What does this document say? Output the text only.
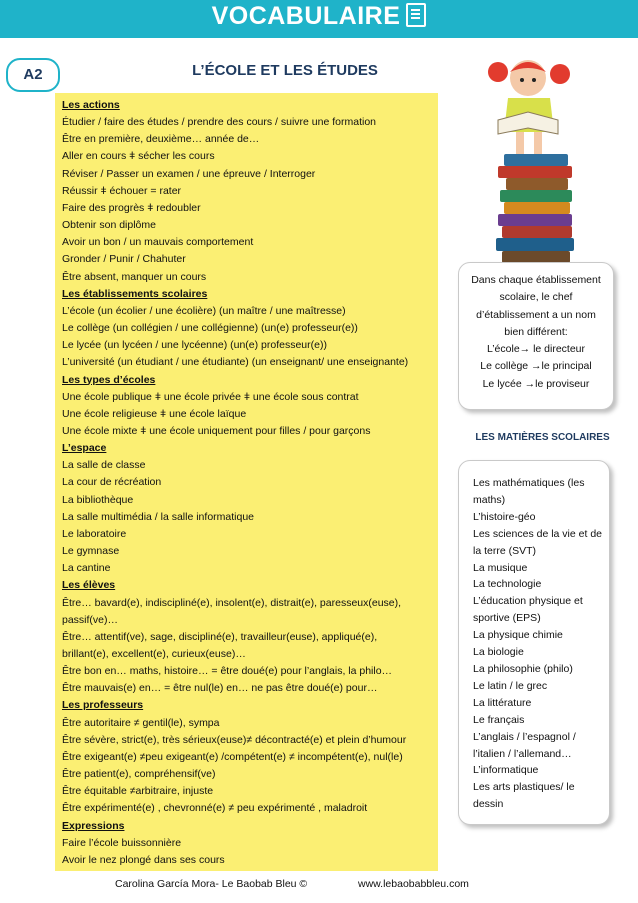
VOCABULAIRE
A2	L’ÉCOLE ET LES ÉTUDES
Les actions
Étudier / faire des études / prendre des cours / suivre une formation
Être en première, deuxième… année de…
Aller en cours ǂ sécher les cours
Réviser / Passer un examen / une épreuve / Interroger
Réussir ǂ échouer = rater
Faire des progrès ǂ redoubler
Obtenir son diplôme
Avoir un bon / un mauvais comportement
Gronder / Punir / Chahuter
Être absent, manquer un cours
Les établissements scolaires
L’école (un écolier / une écolière) (un maître / une maîtresse)
Le collège (un collégien / une collégienne) (un(e) professeur(e))
Le lycée (un lycéen / une lycéenne) (un(e) professeur(e))
L’université (un étudiant / une étudiante) (un enseignant/ une enseignante)
Les types d’écoles
Une école publique ǂ une école privée ǂ une école sous contrat
Une école religieuse ǂ une école laïque
Une école mixte ǂ une école uniquement pour filles / pour garçons
L’espace
La salle de classe
La cour de récréation
La bibliothèque
La salle multimédia / la salle informatique
Le laboratoire
Le gymnase
La cantine
Les élèves
Être… bavard(e), indiscipliné(e), insolent(e), distrait(e), paresseux(euse),
passif(ve)…
Être… attentif(ve), sage, discipliné(e), travailleur(euse), appliqué(e),
brillant(e), excellent(e), curieux(euse)…
Être bon en… maths, histoire… = être doué(e) pour l’anglais, la philo…
Être mauvais(e) en… = être nul(le) en… ne pas être doué(e) pour…
Les professeurs
Être autoritaire ≠ gentil(le), sympa
Être sévère, strict(e), très sérieux(euse)≠ décontracté(e) et plein d’humour
Être exigeant(e) ≠peu exigeant(e) /compétent(e) ≠ incompétent(e), nul(le)
Être patient(e), compréhensif(ve)
Être équitable ≠arbitraire, injuste
Être expérimenté(e) , chevronné(e) ≠ peu expérimenté , maladroit
Expressions
Faire l’école buissonnière
Avoir le nez plongé dans ses cours
Dans chaque établissement
scolaire, le chef
d’établissement a un nom
bien différent:
L’école→ le directeur
Le collège →le principal
Le lycée →le proviseur
LES MATIÈRES SCOLAIRES
Les mathématiques (les
maths)
L’histoire-géo
Les sciences de la vie et de
la terre (SVT)
La musique
La technologie
L’éducation physique et
sportive (EPS)
La physique chimie
La biologie
La philosophie (philo)
Le latin / le grec
La littérature
Le français
L’anglais / l’espagnol /
l’italien / l’allemand…
L’informatique
Les arts plastiques/ le
dessin
Carolina García Mora- Le Baobab Bleu ©	www.lebaobabbleu.com
